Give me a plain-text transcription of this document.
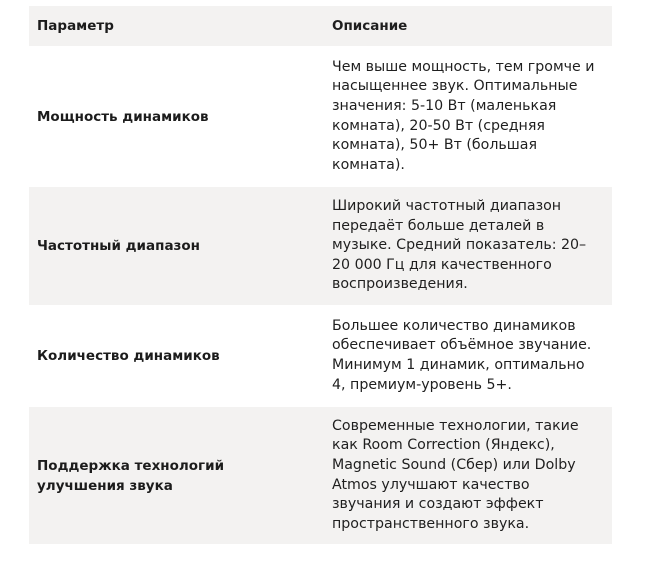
Параметр	Описание
Мощность динамиков
Чем выше мощность, тем громче и насыщеннее звук. Оптимальные значения: 5-10 Вт (маленькая комната), 20-50 Вт (средняя комната), 50+ Вт (большая комната).
Частотный диапазон
Широкий частотный диапазон передаёт больше деталей в музыке. Средний показатель: 20–20 000 Гц для качественного воспроизведения.
Количество динамиков
Большее количество динамиков обеспечивает объёмное звучание. Минимум 1 динамик, оптимально 4, премиум-уровень 5+.
Поддержка технологий улучшения звука
Современные технологии, такие как Room Correction (Яндекс), Magnetic Sound (Сбер) или Dolby Atmos улучшают качество звучания и создают эффект пространственного звука.
